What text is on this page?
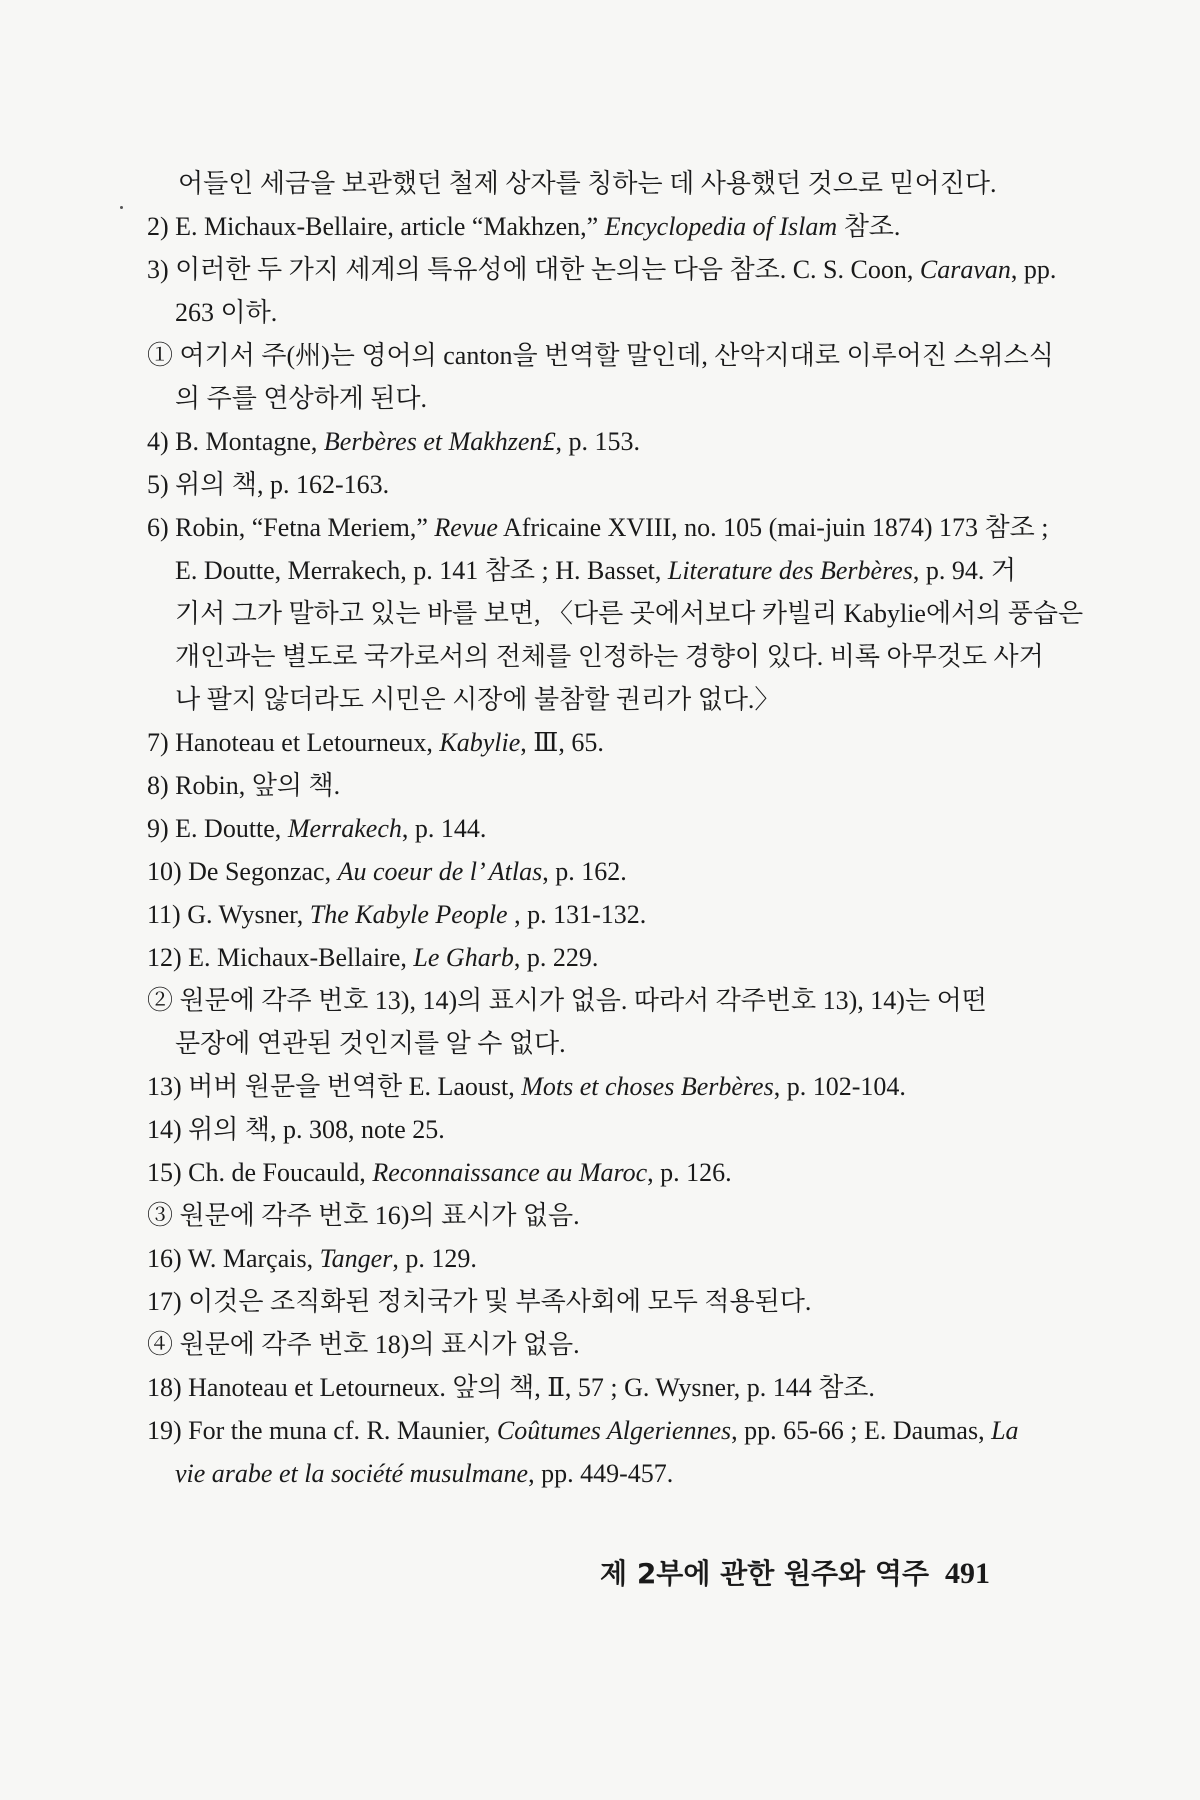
어들인 세금을 보관했던 철제 상자를 칭하는 데 사용했던 것으로 믿어진다.
2) E. Michaux-Bellaire, article “Makhzen,” Encyclopedia of Islam 참조.
3) 이러한 두 가지 세계의 특유성에 대한 논의는 다음 참조. C. S. Coon, Caravan, pp.
263 이하.
① 여기서 주(州)는 영어의 canton을 번역할 말인데, 산악지대로 이루어진 스위스식
의 주를 연상하게 된다.
4) B. Montagne, Berbères et Makhzen£, p. 153.
5) 위의 책, p. 162-163.
6) Robin, “Fetna Meriem,” Revue Africaine XVIII, no. 105 (mai-juin 1874) 173 참조 ;
E. Doutte, Merrakech, p. 141 참조 ; H. Basset, Literature des Berbères, p. 94. 거
기서 그가 말하고 있는 바를 보면, 〈다른 곳에서보다 카빌리 Kabylie에서의 풍습은
개인과는 별도로 국가로서의 전체를 인정하는 경향이 있다. 비록 아무것도 사거
나 팔지 않더라도 시민은 시장에 불참할 권리가 없다.〉
7) Hanoteau et Letourneux, Kabylie, Ⅲ, 65.
8) Robin, 앞의 책.
9) E. Doutte, Merrakech, p. 144.
10) De Segonzac, Au coeur de l’ Atlas, p. 162.
11) G. Wysner, The Kabyle People , p. 131-132.
12) E. Michaux-Bellaire, Le Gharb, p. 229.
② 원문에 각주 번호 13), 14)의 표시가 없음. 따라서 각주번호 13), 14)는 어떤
문장에 연관된 것인지를 알 수 없다.
13) 버버 원문을 번역한 E. Laoust, Mots et choses Berbères, p. 102-104.
14) 위의 책, p. 308, note 25.
15) Ch. de Foucauld, Reconnaissance au Maroc, p. 126.
③ 원문에 각주 번호 16)의 표시가 없음.
16) W. Marçais, Tanger, p. 129.
17) 이것은 조직화된 정치국가 및 부족사회에 모두 적용된다.
④ 원문에 각주 번호 18)의 표시가 없음.
18) Hanoteau et Letourneux. 앞의 책, Ⅱ, 57 ; G. Wysner, p. 144 참조.
19) For the muna cf. R. Maunier, Coûtumes Algeriennes, pp. 65-66 ; E. Daumas, La
vie arabe et la société musulmane, pp. 449-457.
제 2부에 관한 원주와 역주 491
